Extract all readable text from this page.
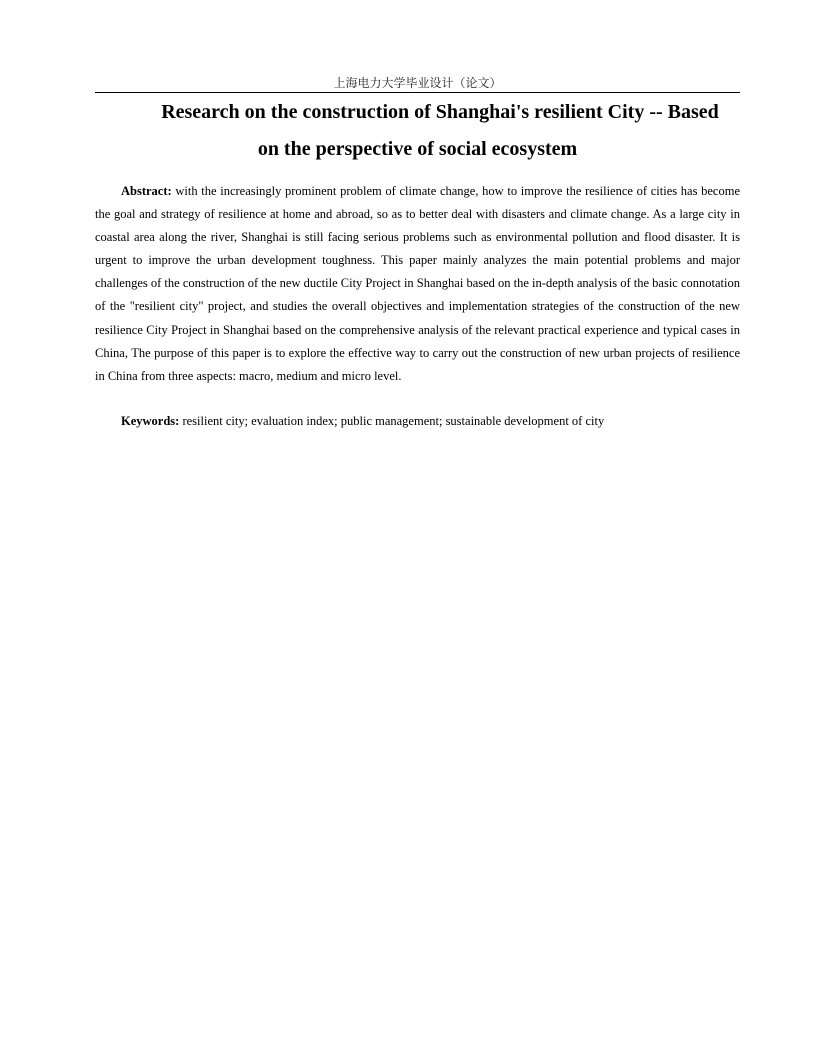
上海电力大学毕业设计（论文）
Research on the construction of Shanghai's resilient City -- Based
on the perspective of social ecosystem

Abstract: with the increasingly prominent problem of climate change, how to improve the resilience of cities has become the goal and strategy of resilience at home and abroad, so as to better deal with disasters and climate change. As a large city in coastal area along the river, Shanghai is still facing serious problems such as environmental pollution and flood disaster. It is urgent to improve the urban development toughness. This paper mainly analyzes the main potential problems and major challenges of the construction of the new ductile City Project in Shanghai based on the in-depth analysis of the basic connotation of the "resilient city" project, and studies the overall objectives and implementation strategies of the construction of the new resilience City Project in Shanghai based on the comprehensive analysis of the relevant practical experience and typical cases in China, The purpose of this paper is to explore the effective way to carry out the construction of new urban projects of resilience in China from three aspects: macro, medium and micro level.

Keywords: resilient city; evaluation index; public management; sustainable development of city
